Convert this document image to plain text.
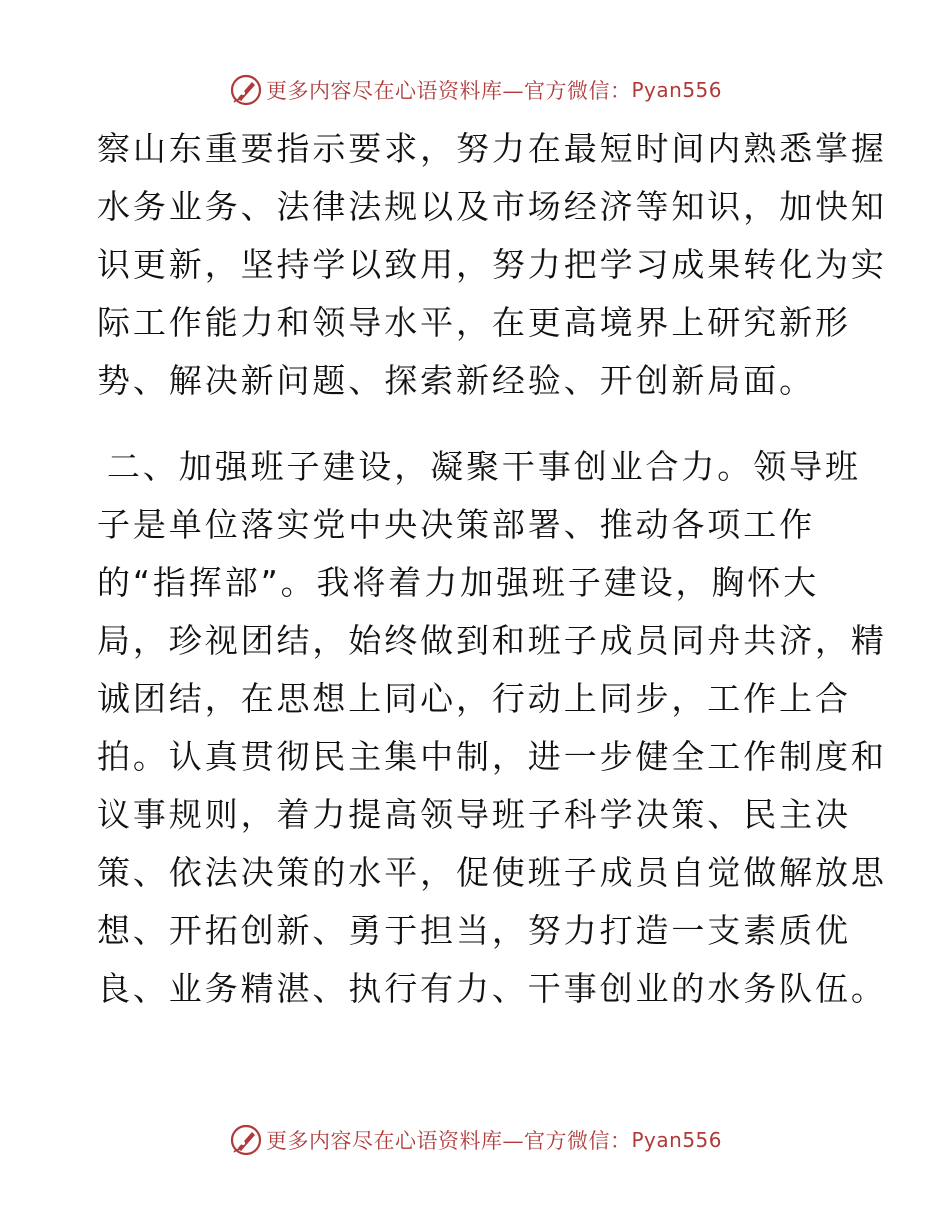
更多内容尽在心语资料库—官方微信： Pyan556
察山东重要指示要求，努力在最短时间内熟悉掌握
水务业务、法律法规以及市场经济等知识，加快知
识更新，坚持学以致用，努力把学习成果转化为实
际工作能力和领导水平，在更高境界上研究新形
势、解决新问题、探索新经验、开创新局面。
二、加强班子建设，凝聚干事创业合力。领导班
子是单位落实党中央决策部署、推动各项工作
的“指挥部”。我将着力加强班子建设，胸怀大
局，珍视团结，始终做到和班子成员同舟共济，精
诚团结，在思想上同心，行动上同步，工作上合
拍。认真贯彻民主集中制，进一步健全工作制度和
议事规则，着力提高领导班子科学决策、民主决
策、依法决策的水平，促使班子成员自觉做解放思
想、开拓创新、勇于担当，努力打造一支素质优
良、业务精湛、执行有力、干事创业的水务队伍。
更多内容尽在心语资料库—官方微信： Pyan556
